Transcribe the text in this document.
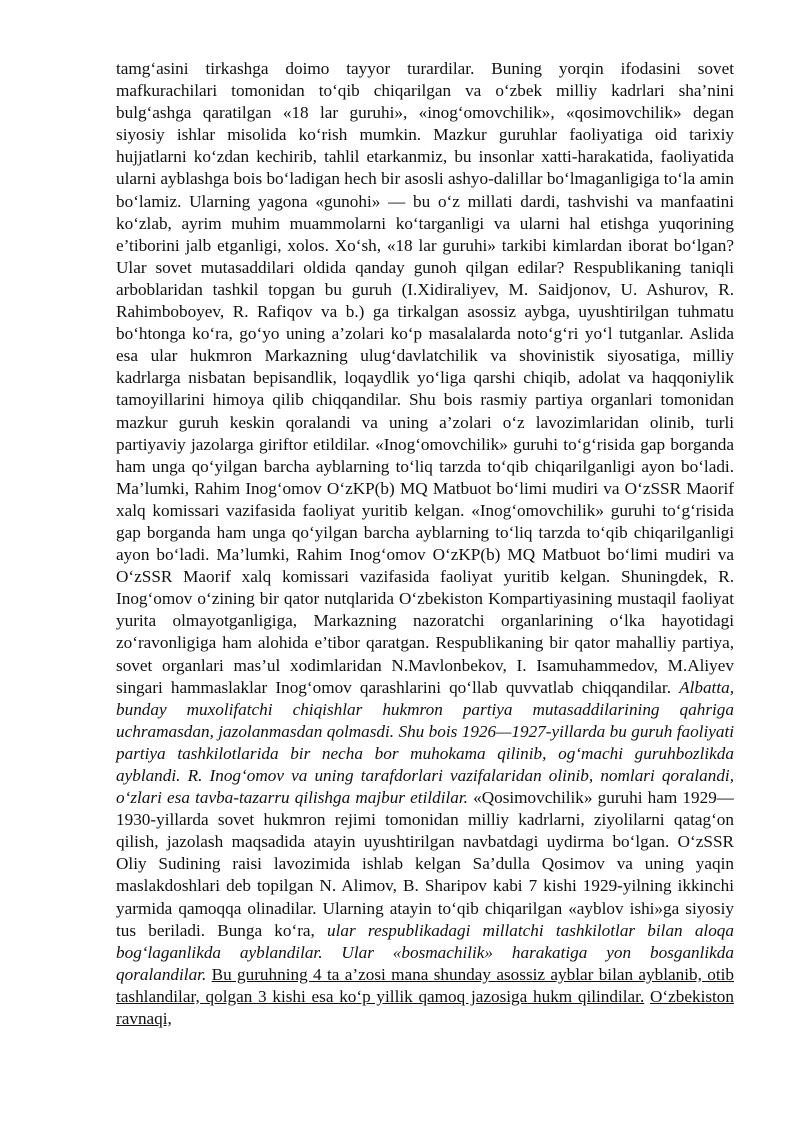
tamg‘asini tirkashga doimo tayyor turardilar. Buning yorqin ifodasini sovet mafkurachilari tomonidan to‘qib chiqarilgan va o‘zbek milliy kadrlari sha’nini bulg‘ashga qaratilgan «18 lar guruhi», «inog‘omovchilik», «qosimovchilik» degan siyosiy ishlar misolida ko‘rish mumkin. Mazkur guruhlar faoliyatiga oid tarixiy hujjatlarni ko‘zdan kechirib, tahlil etarkanmiz, bu insonlar xatti-harakatida, faoliyatida ularni ayblashga bois bo‘ladigan hech bir asosli ashyo-dalillar bo‘lmaganligiga to‘la amin bo‘lamiz. Ularning yagona «gunohi» — bu o‘z millati dardi, tashvishi va manfaatini ko‘zlab, ayrim muhim muammolarni ko‘targanligi va ularni hal etishga yuqorining e’tiborini jalb etganligi, xolos. Xo‘sh, «18 lar guruhi» tarkibi kimlardan iborat bo‘lgan? Ular sovet mutasaddilari oldida qanday gunoh qilgan edilar? Respublikaning taniqli arboblaridan tashkil topgan bu guruh (I.Xidiraliyev, M. Saidjonov, U. Ashurov, R. Rahimboboyev, R. Rafiqov va b.) ga tirkalgan asossiz aybga, uyushtirilgan tuhmatu bo‘htonga ko‘ra, go‘yo uning a’zolari ko‘p masalalarda noto‘g‘ri yo‘l tutganlar. Aslida esa ular hukmron Markazning ulug‘davlatchilik va shovinistik siyosatiga, milliy kadrlarga nisbatan bepisandlik, loqaydlik yo‘liga qarshi chiqib, adolat va haqqoniylik tamoyillarini himoya qilib chiqqandilar. Shu bois rasmiy partiya organlari tomonidan mazkur guruh keskin qoralandi va uning a’zolari o‘z lavozimlaridan olinib, turli partiyaviy jazolarga giriftor etildilar. «Inog‘omovchilik» guruhi to‘g‘risida gap borganda ham unga qo‘yilgan barcha ayblarning to‘liq tarzda to‘qib chiqarilganligi ayon bo‘ladi. Ma’lumki, Rahim Inog‘omov O‘zKP(b) MQ Matbuot bo‘limi mudiri va O‘zSSR Maorif xalq komissari vazifasida faoliyat yuritib kelgan. «Inog‘omovchilik» guruhi to‘g‘risida gap borganda ham unga qo‘yilgan barcha ayblarning to‘liq tarzda to‘qib chiqarilganligi ayon bo‘ladi. Ma’lumki, Rahim Inog‘omov O‘zKP(b) MQ Matbuot bo‘limi mudiri va O‘zSSR Maorif xalq komissari vazifasida faoliyat yuritib kelgan. Shuningdek, R. Inog‘omov o‘zining bir qator nutqlarida O‘zbekiston Kompartiyasining mustaqil faoliyat yurita olmayotganligiga, Markazning nazoratchi organlarining o‘lka hayotidagi zo‘ravonligiga ham alohida e’tibor qaratgan. Respublikaning bir qator mahalliy partiya, sovet organlari mas’ul xodimlaridan N.Mavlonbekov, I. Isamuhammedov, M.Aliyev singari hammaslaklar Inog‘omov qarashlarini qo‘llab quvvatlab chiqqandilar. Albatta, bunday muxolifatchi chiqishlar hukmron partiya mutasaddilarining qahriga uchramasdan, jazolanmasdan qolmasdi. Shu bois 1926—1927-yillarda bu guruh faoliyati partiya tashkilotlarida bir necha bor muhokama qilinib, og‘machi guruhbozlikda ayblandi. R. Inog‘omov va uning tarafdorlari vazifalaridan olinib, nomlari qoralandi, o‘zlari esa tavba-tazarru qilishga majbur etildilar. «Qosimovchilik» guruhi ham 1929—1930-yillarda sovet hukmron rejimi tomonidan milliy kadrlarni, ziyolilarni qatag‘on qilish, jazolash maqsadida atayin uyushtirilgan navbatdagi uydirma bo‘lgan. O‘zSSR Oliy Sudining raisi lavozimida ishlab kelgan Sa’dulla Qosimov va uning yaqin maslakdoshlari deb topilgan N. Alimov, B. Sharipov kabi 7 kishi 1929-yilning ikkinchi yarmida qamoqqa olinadilar. Ularning atayin to‘qib chiqarilgan «ayblov ishi»ga siyosiy tus beriladi. Bunga ko‘ra, ular respublikadagi millatchi tashkilotlar bilan aloqa bog‘laganlikda ayblandilar. Ular «bosmachilik» harakatiga yon bosganlikda qoralandilar. Bu guruhning 4 ta a’zosi mana shunday asossiz ayblar bilan ayblanib, otib tashlandilar, qolgan 3 kishi esa ko‘p yillik qamoq jazosiga hukm qilindilar. O‘zbekiston ravnaqi,
